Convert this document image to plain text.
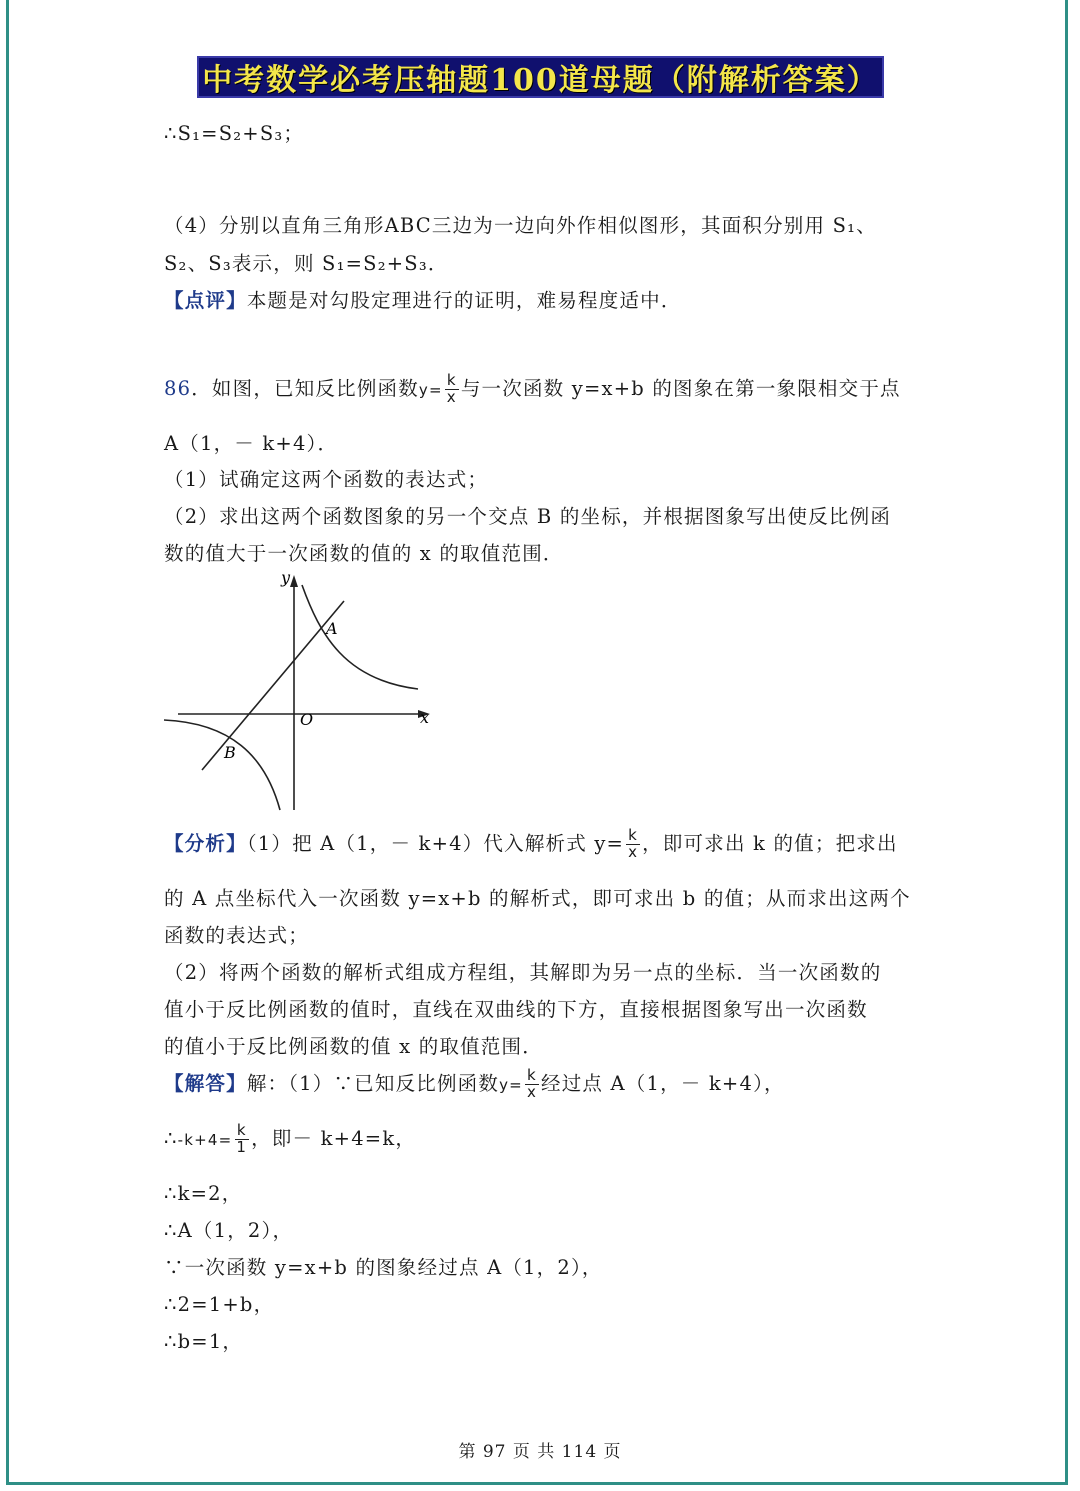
中考数学必考压轴题100道母题（附解析答案）
∴S₁=S₂+S₃；
（4）分别以直角三角形ABC三边为一边向外作相似图形，其面积分别用 S₁、
S₂、S₃表示，则 S₁=S₂+S₃．
【点评】本题是对勾股定理进行的证明，难易程度适中．
86．如图，已知反比例函数$y= \frac{k}{x}$ 与一次函数 y=x+b 的图象在第一象限相交于点
A（1，－ k+4）．
（1）试确定这两个函数的表达式；
（2）求出这两个函数图象的另一个交点 B 的坐标，并根据图象写出使反比例函
数的值大于一次函数的值的 x 的取值范围．
【分析】（1）把 A（1，－ k+4）代入解析式 $y= \frac{k}{x}$ ，即可求出 k 的值；把求出
的 A 点坐标代入一次函数 y=x+b 的解析式，即可求出 b 的值；从而求出这两个
函数的表达式；
（2）将两个函数的解析式组成方程组，其解即为另一点的坐标．当一次函数的
值小于反比例函数的值时，直线在双曲线的下方，直接根据图象写出一次函数
的值小于反比例函数的值 x 的取值范围．
【解答】解：（1）∵已知反比例函数$y= \frac{k}{x}$ 经过点 A（1，－ k+4），
∴-k+4= $\frac{k}{1}$ ，即－ k+4=k，
∴k=2，
∴A（1，2），
∵一次函数 y=x+b 的图象经过点 A（1，2），
∴2=1+b，
∴b=1，
y
x
O
A
B
第 97 页 共 114 页
